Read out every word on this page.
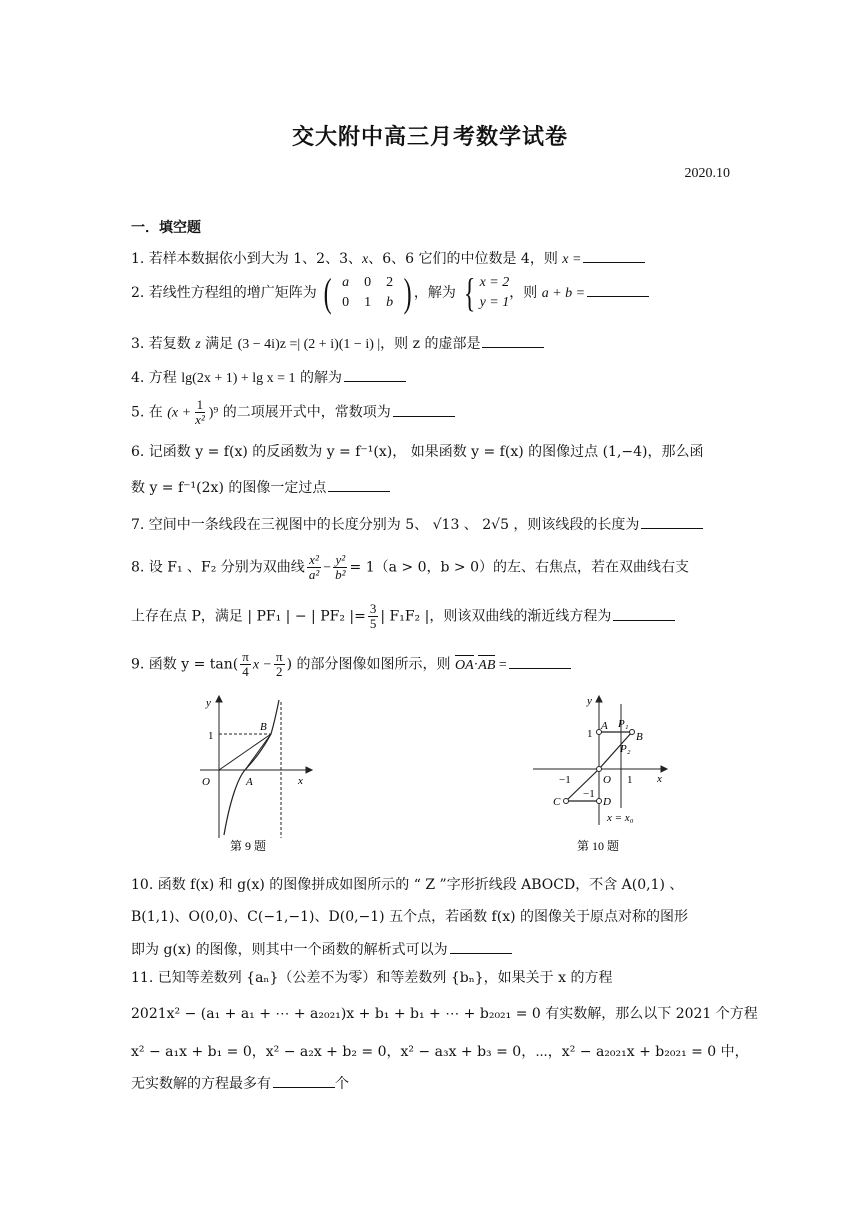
交大附中高三月考数学试卷
2020.10
一．填空题
1. 若样本数据依小到大为 1、2、3、x、6、6 它们的中位数是 4，则 x =
2. 若线性方程组的增广矩阵为 ( a	0	2
0	1	b ) ，解为 { x = 2
y = 1
，则 a + b =
3. 若复数 z 满足 (3 − 4i)z =| (2 + i)(1 − i) |，则 z 的虚部是
4. 方程 lg(2x + 1) + lg x = 1 的解为
5. 在 $(x + \frac{1}{\text{x²}} )^9$ 的二项展开式中，常数项为
6. 记函数 y = f(x) 的反函数为 y = f⁻¹(x)， 如果函数 y = f(x) 的图像过点 (1,−4)，那么函
数 y = f⁻¹(2x) 的图像一定过点
7. 空间中一条线段在三视图中的长度分别为 5、 √13 、 2√5 ，则该线段的长度为
8. 设 F₁ 、F₂ 分别为双曲线 $\frac{\text{x²}}{\text{a²}} - \frac{\text{y²}}{\text{b²}} = 1(a > 0$，b > 0）的左、右焦点，若在双曲线右支
上存在点 P，满足 | PF₁ | − | PF₂ |= $\frac{3}{5}$ | F₁F₂ |，则该双曲线的渐近线方程为
9. 函数 $y = \tan( \frac{\pi}{4}$ $x - \frac{\pi}{2}$ ) 的部分图像如图所示，则 OA·AB =
y
1
O	A
B
x
第 9 题
y
A
1
P₁
B
P₂
−1	O 1 x
−1
C	D
x = x₀
第 10 题
10. 函数 f(x) 和 g(x) 的图像拼成如图所示的 “ Z ”字形折线段 ABOCD，不含 A(0,1) 、
B(1,1)、O(0,0)、C(−1,−1)、D(0,−1) 五个点，若函数 f(x) 的图像关于原点对称的图形
即为 g(x) 的图像，则其中一个函数的解析式可以为
11. 已知等差数列 {aₙ}（公差不为零）和等差数列 {bₙ}，如果关于 x 的方程
2021x² − (a₁ + a₁ + ⋯ + a₂₀₂₁)x + b₁ + b₁ + ⋯ + b₂₀₂₁ = 0 有实数解，那么以下 2021 个方程
x² − a₁x + b₁ = 0，x² − a₂x + b₂ = 0，x² − a₃x + b₃ = 0，⋯，x² − a₂₀₂₁x + b₂₀₂₁ = 0 中，
无实数解的方程最多有	个
